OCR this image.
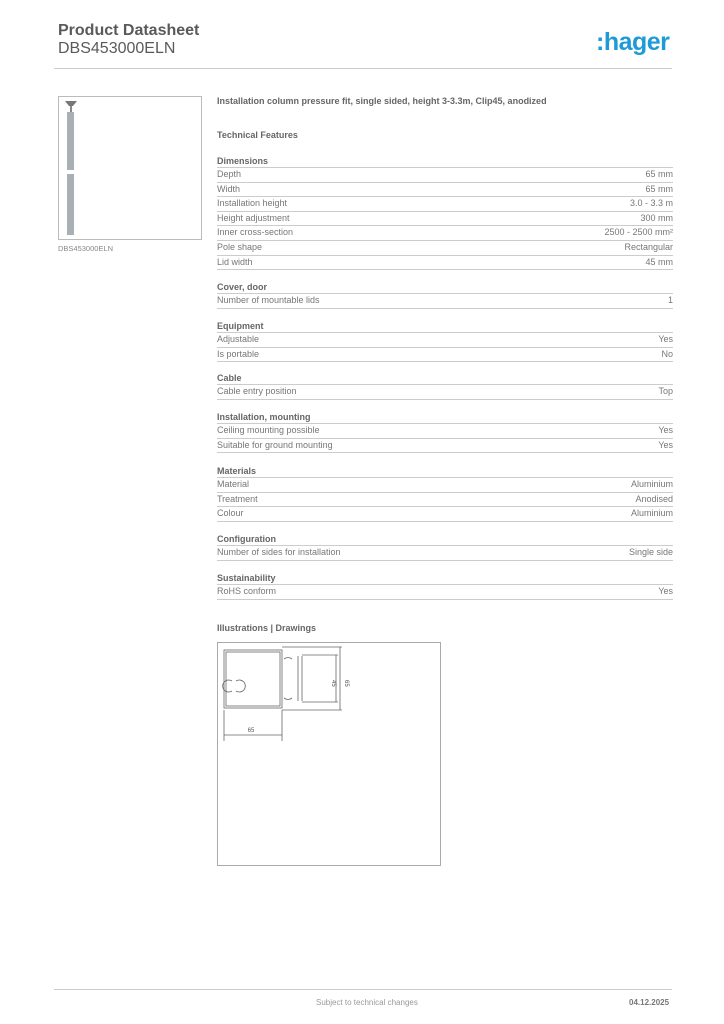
Product Datasheet
DBS453000ELN	:hager
DBS453000ELN
Installation column pressure fit, single sided, height 3-3.3m, Clip45, anodized
Technical Features
Dimensions
Depth	65 mm
Width	65 mm
Installation height	3.0 - 3.3 m
Height adjustment	300 mm
Inner cross-section	2500 - 2500 mm²
Pole shape	Rectangular
Lid width	45 mm
Cover, door
Number of mountable lids	1
Equipment
Adjustable	Yes
Is portable	No
Cable
Cable entry position	Top
Installation, mounting
Ceiling mounting possible	Yes
Suitable for ground mounting	Yes
Materials
Material	Aluminium
Treatment	Anodised
Colour	Aluminium
Configuration
Number of sides for installation	Single side
Sustainability
RoHS conform	Yes
Illustrations | Drawings
65
45 65
Subject to technical changes	04.12.2025
